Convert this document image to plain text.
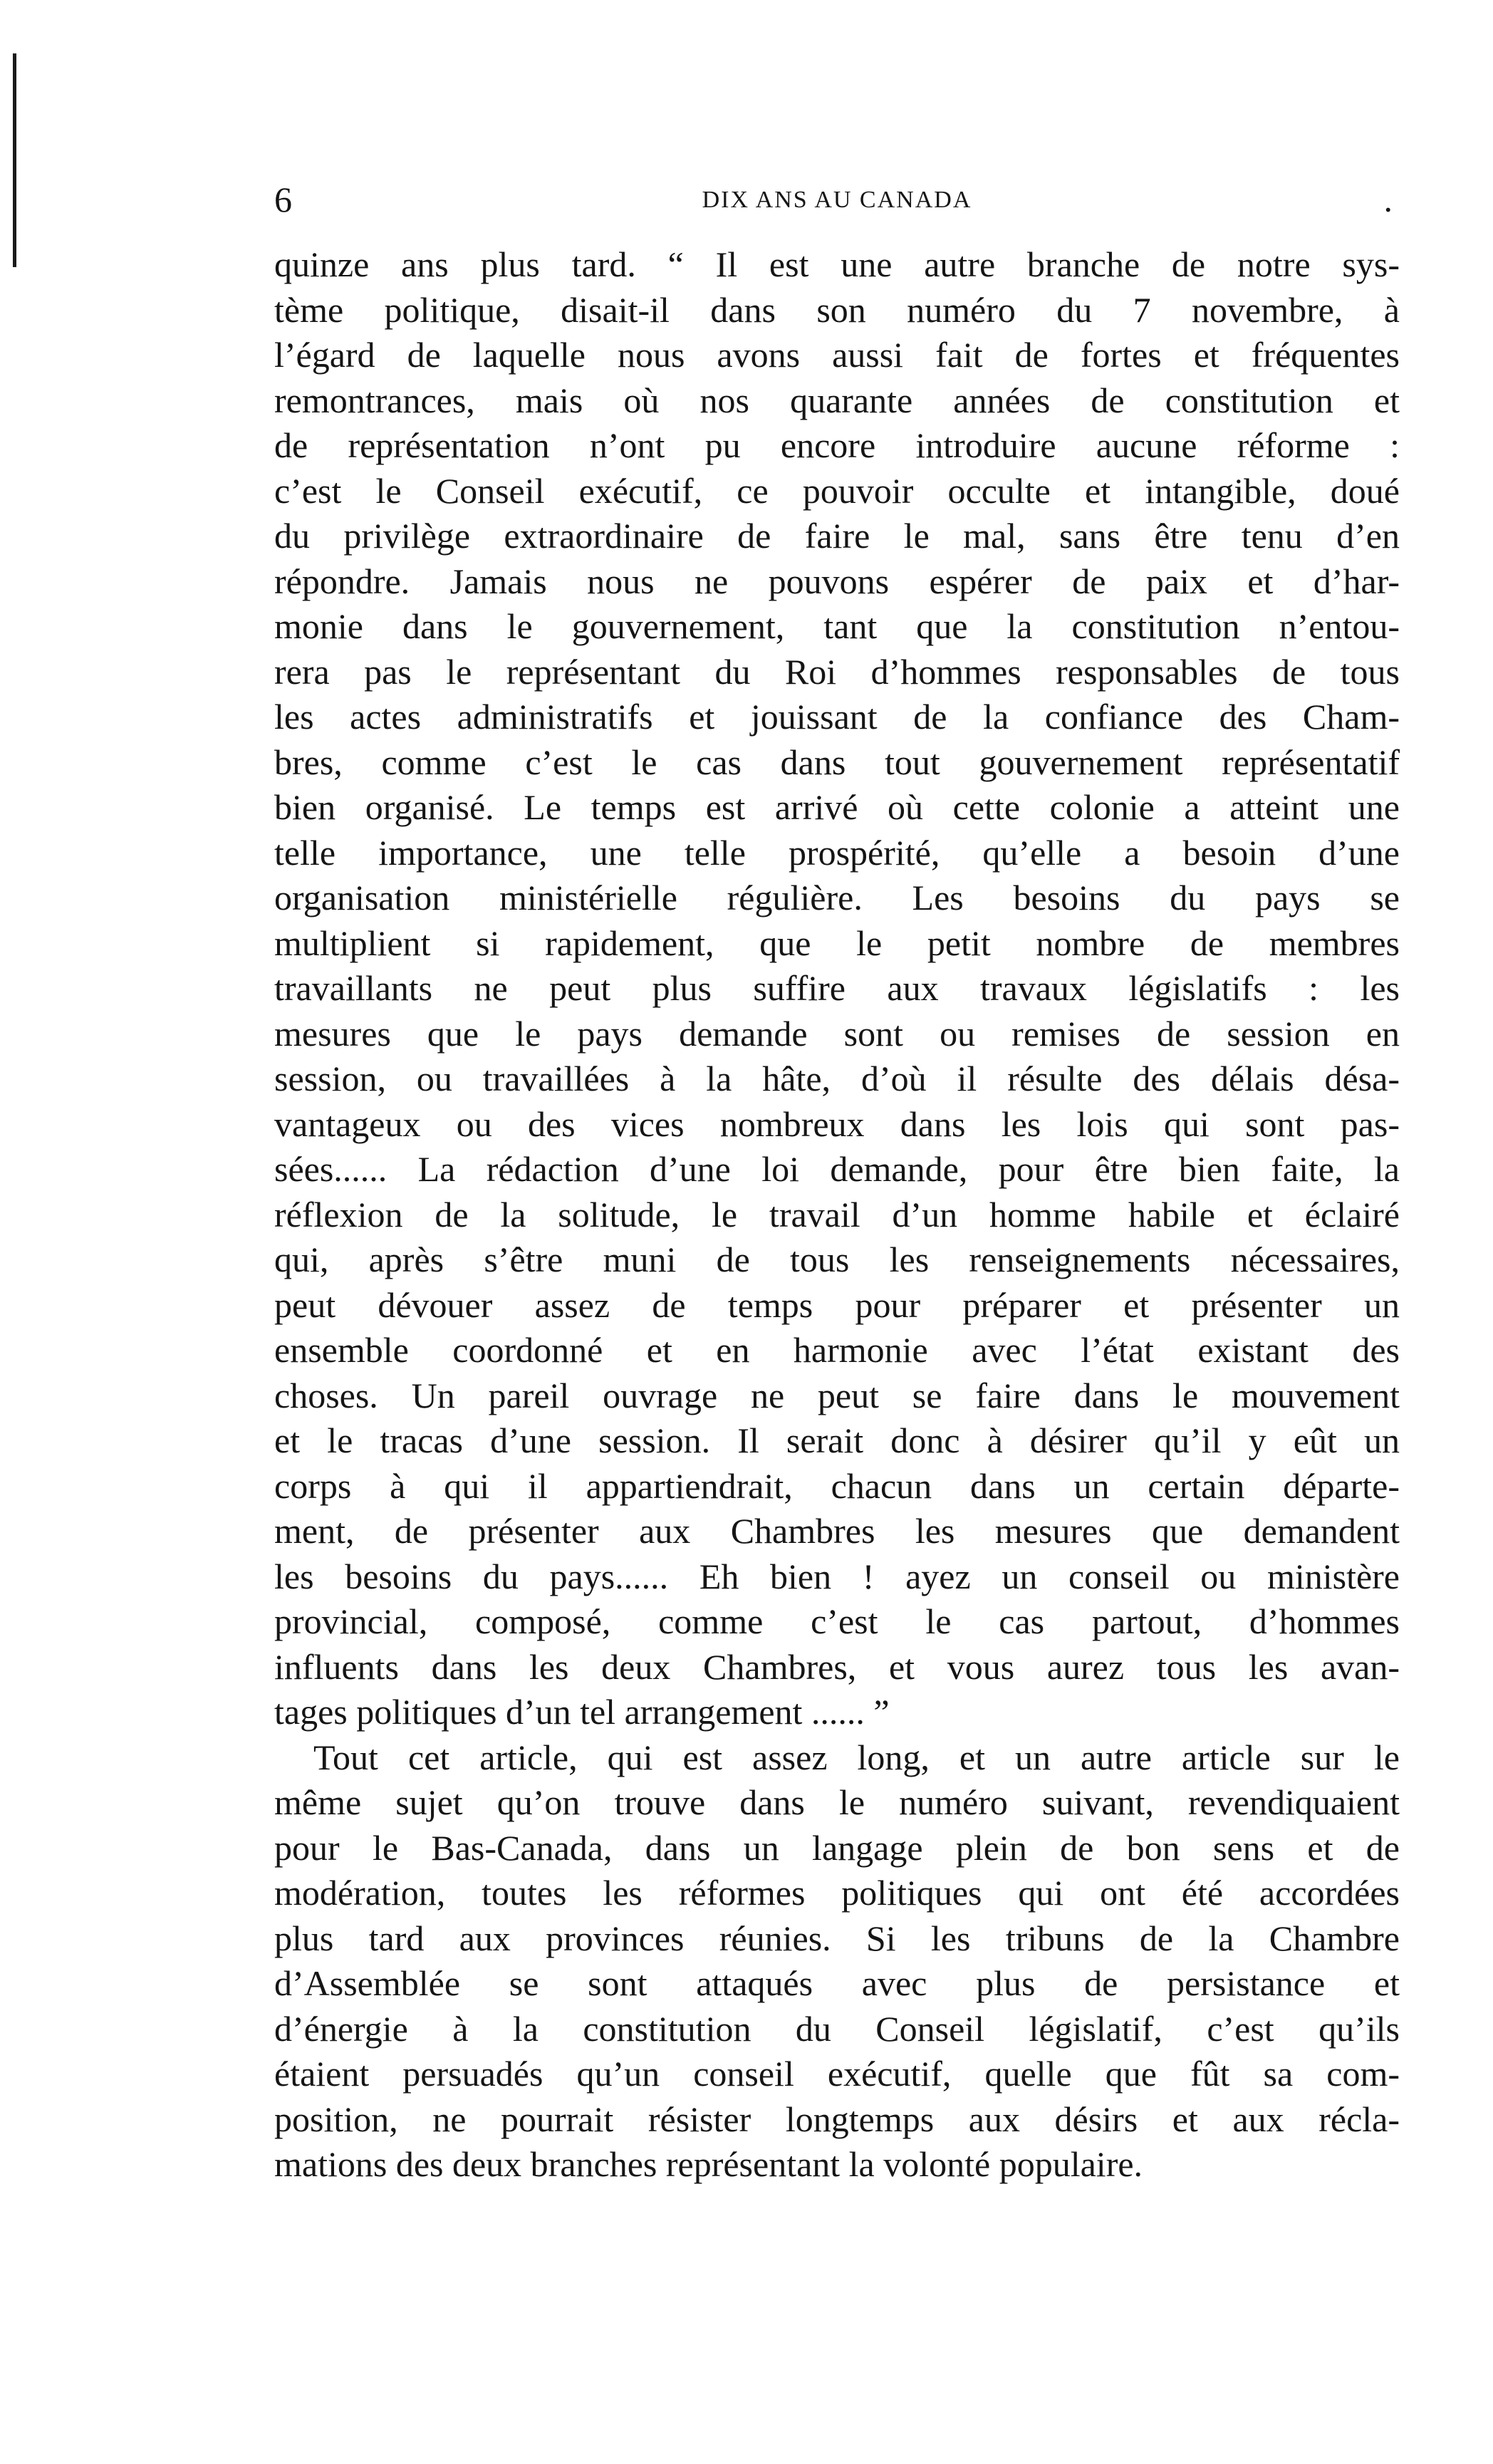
6	DIX ANS AU CANADA	.
quinze ans plus tard. “ Il est une autre branche de notre sys-
tème politique, disait-il dans son numéro du 7 novembre, à
l’égard de laquelle nous avons aussi fait de fortes et fréquentes
remontrances, mais où nos quarante années de constitution et
de représentation n’ont pu encore introduire aucune réforme :
c’est le Conseil exécutif, ce pouvoir occulte et intangible, doué
du privilège extraordinaire de faire le mal, sans être tenu d’en
répondre. Jamais nous ne pouvons espérer de paix et d’har-
monie dans le gouvernement, tant que la constitution n’entou-
rera pas le représentant du Roi d’hommes responsables de tous
les actes administratifs et jouissant de la confiance des Cham-
bres, comme c’est le cas dans tout gouvernement représentatif
bien organisé. Le temps est arrivé où cette colonie a atteint une
telle importance, une telle prospérité, qu’elle a besoin d’une
organisation ministérielle régulière. Les besoins du pays se
multiplient si rapidement, que le petit nombre de membres
travaillants ne peut plus suffire aux travaux législatifs : les
mesures que le pays demande sont ou remises de session en
session, ou travaillées à la hâte, d’où il résulte des délais désa-
vantageux ou des vices nombreux dans les lois qui sont pas-
sées...... La rédaction d’une loi demande, pour être bien faite, la
réflexion de la solitude, le travail d’un homme habile et éclairé
qui, après s’être muni de tous les renseignements nécessaires,
peut dévouer assez de temps pour préparer et présenter un
ensemble coordonné et en harmonie avec l’état existant des
choses. Un pareil ouvrage ne peut se faire dans le mouvement
et le tracas d’une session. Il serait donc à désirer qu’il y eût un
corps à qui il appartiendrait, chacun dans un certain départe-
ment, de présenter aux Chambres les mesures que demandent
les besoins du pays...... Eh bien ! ayez un conseil ou ministère
provincial, composé, comme c’est le cas partout, d’hommes
influents dans les deux Chambres, et vous aurez tous les avan-
tages politiques d’un tel arrangement ...... ”
Tout cet article, qui est assez long, et un autre article sur le
même sujet qu’on trouve dans le numéro suivant, revendiquaient
pour le Bas-Canada, dans un langage plein de bon sens et de
modération, toutes les réformes politiques qui ont été accordées
plus tard aux provinces réunies. Si les tribuns de la Chambre
d’Assemblée se sont attaqués avec plus de persistance et
d’énergie à la constitution du Conseil législatif, c’est qu’ils
étaient persuadés qu’un conseil exécutif, quelle que fût sa com-
position, ne pourrait résister longtemps aux désirs et aux récla-
mations des deux branches représentant la volonté populaire.
